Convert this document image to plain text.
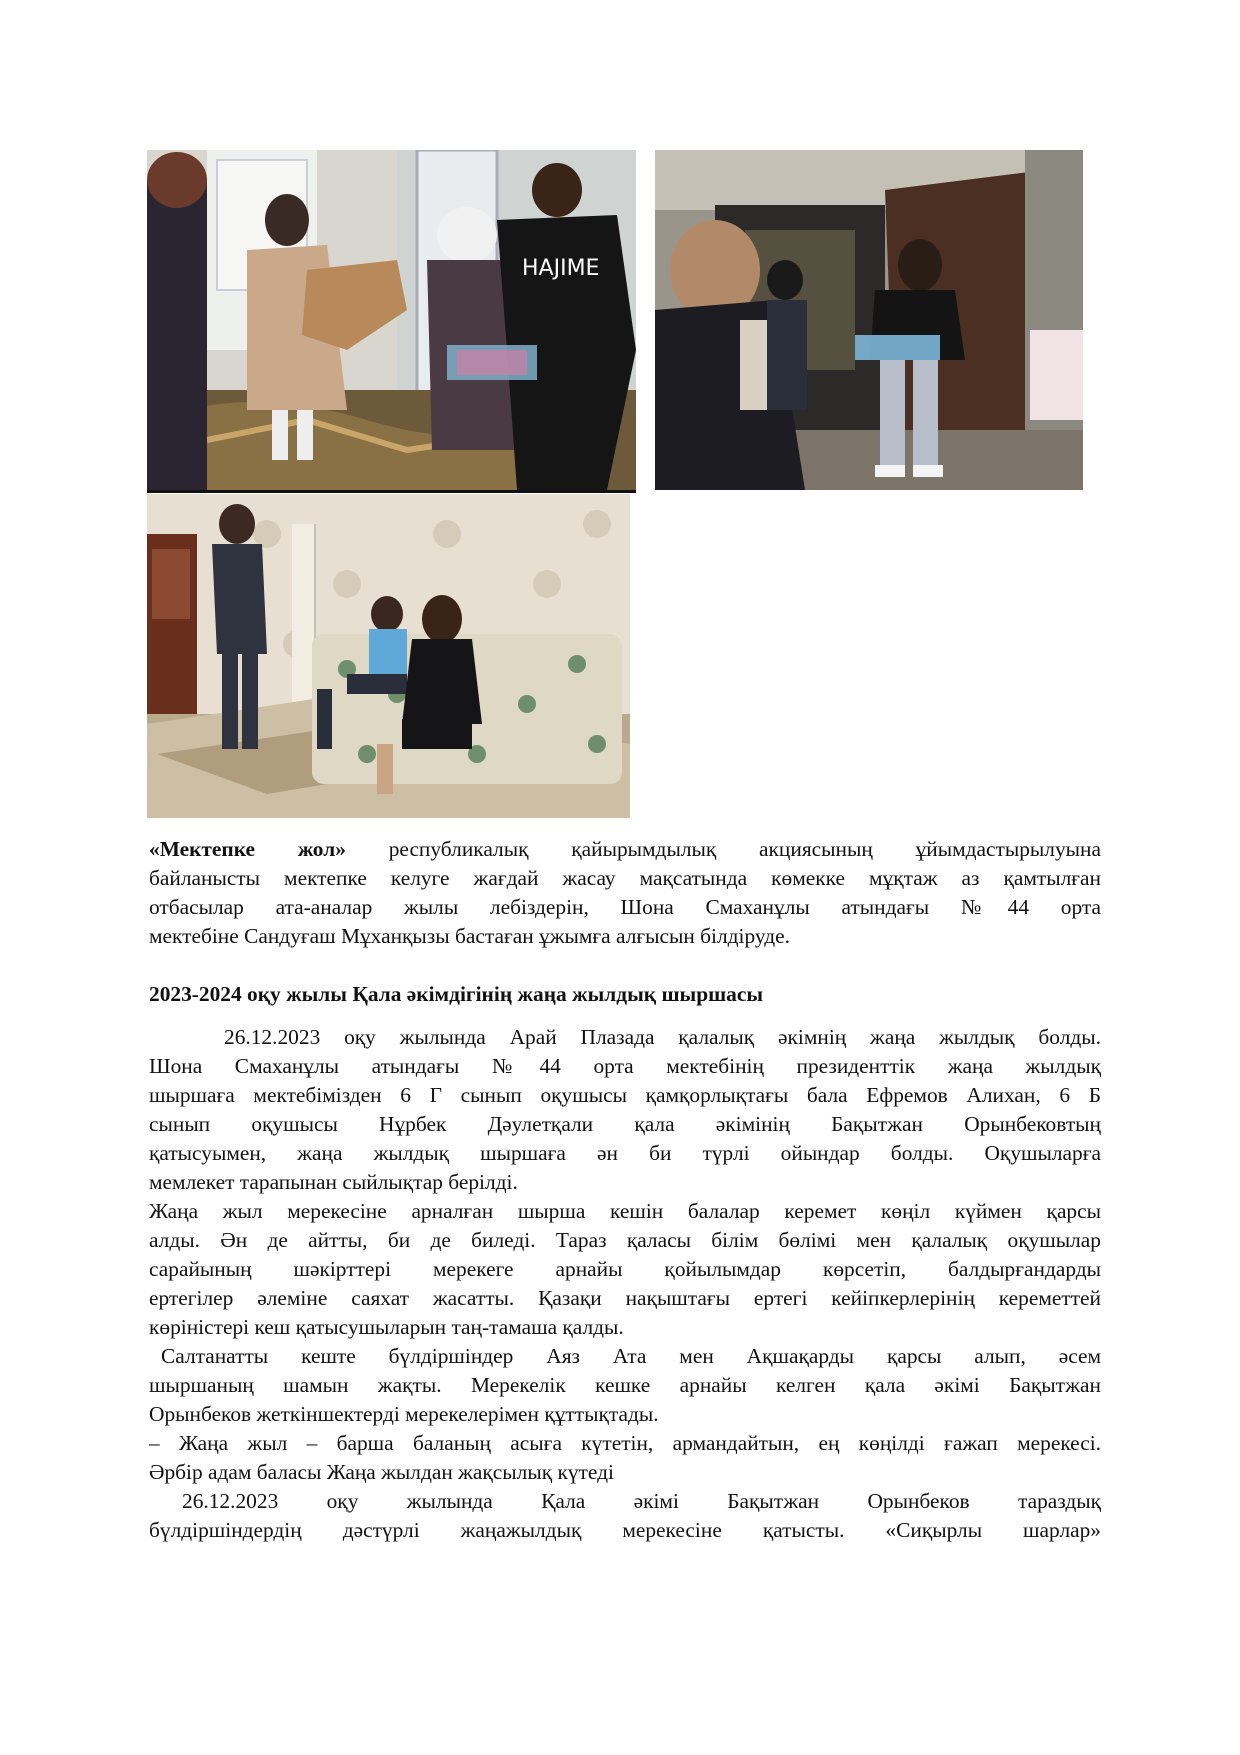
HAJIME
«Мектепке жол» республикалық қайырымдылық акциясының ұйымдастырылуына
байланысты мектепке келуге жағдай жасау мақсатында көмекке мұқтаж аз қамтылған
отбасылар ата-аналар жылы лебіздерін, Шона Смаханұлы атындағы №44 орта
мектебіне Сандуғаш Мұханқызы бастаған ұжымға алғысын білдіруде.
2023-2024 оқу жылы Қала әкімдігінің жаңа жылдық шыршасы
26.12.2023 оқу жылында Арай Плазада қалалық әкімнің жаңа жылдық болды.
Шона Смаханұлы атындағы №44 орта мектебінің президенттік жаңа жылдық
шыршаға мектебімізден 6 Г сынып оқушысы қамқорлықтағы бала Ефремов Алихан, 6 Б
сынып оқушысы Нұрбек Дәулетқали қала әкімінің Бақытжан Орынбековтың
қатысуымен, жаңа жылдық шыршаға ән би түрлі ойындар болды. Оқушыларға
мемлекет тарапынан сыйлықтар берілді.
Жаңа жыл мерекесіне арналған шырша кешін балалар керемет көңіл күймен қарсы
алды. Ән де айтты, би де биледі. Тараз қаласы білім бөлімі мен қалалық оқушылар
сарайының шәкірттері мерекеге арнайы қойылымдар көрсетіп, балдырғандарды
ертегілер әлеміне саяхат жасатты. Қазақи нақыштағы ертегі кейіпкерлерінің кереметтей
көріністері кеш қатысушыларын таң-тамаша қалды.
Салтанатты кеште бүлдіршіндер Аяз Ата мен Ақшақарды қарсы алып, әсем
шыршаның шамын жақты. Мерекелік кешке арнайы келген қала әкімі Бақытжан
Орынбеков жеткіншектерді мерекелерімен құттықтады.
– Жаңа жыл – барша баланың асыға күтетін, армандайтын, ең көңілді ғажап мерекесі.
Әрбір адам баласы Жаңа жылдан жақсылық күтеді
26.12.2023 оқу жылында Қала әкімі Бақытжан Орынбеков тараздық
бүлдіршіндердің дәстүрлі жаңажылдық мерекесіне қатысты. «Сиқырлы шарлар»
